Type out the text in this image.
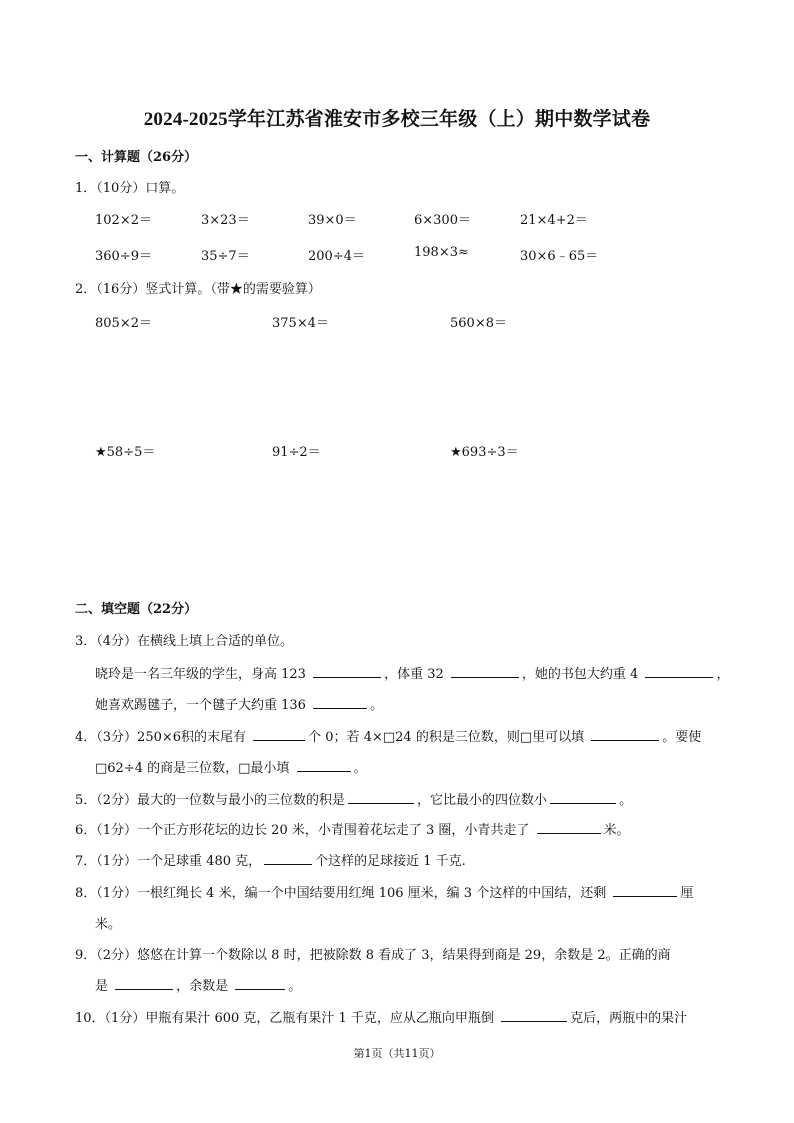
2024-2025学年江苏省淮安市多校三年级（上）期中数学试卷
一、计算题（26分）
1．（10分）口算。
102×2＝	3×23＝	39×0＝	6×300＝	21×4+2＝
360÷9＝	35÷7＝	200÷4＝	198×3≈	30×6﹣65＝
2．（16分）竖式计算。（带★的需要验算）
805×2＝	375×4＝	560×8＝
★58÷5＝	91÷2＝	★693÷3＝
二、填空题（22分）
3．（4分）在横线上填上合适的单位。
晓玲是一名三年级的学生，身高 123	，体重 32	，她的书包大约重 4	，
她喜欢踢毽子，一个毽子大约重 136	。
4．（3分）250×6积的末尾有	个 0；若 4×□24 的积是三位数，则□里可以填	。要使
□62÷4 的商是三位数，□最小填	。
5．（2分）最大的一位数与最小的三位数的积是	，它比最小的四位数小	。
6．（1分）一个正方形花坛的边长 20 米，小青围着花坛走了 3 圈，小青共走了	米。
7．（1分）一个足球重 480 克，	个这样的足球接近 1 千克.
8．（1分）一根红绳长 4 米，编一个中国结要用红绳 106 厘米，编 3 个这样的中国结，还剩	厘
米。
9．（2分）悠悠在计算一个数除以 8 时，把被除数 8 看成了 3，结果得到商是 29，余数是 2。正确的商
是	，余数是	。
10．（1分）甲瓶有果汁 600 克，乙瓶有果汁 1 千克，应从乙瓶向甲瓶倒	克后，两瓶中的果汁
第1页（共11页）
